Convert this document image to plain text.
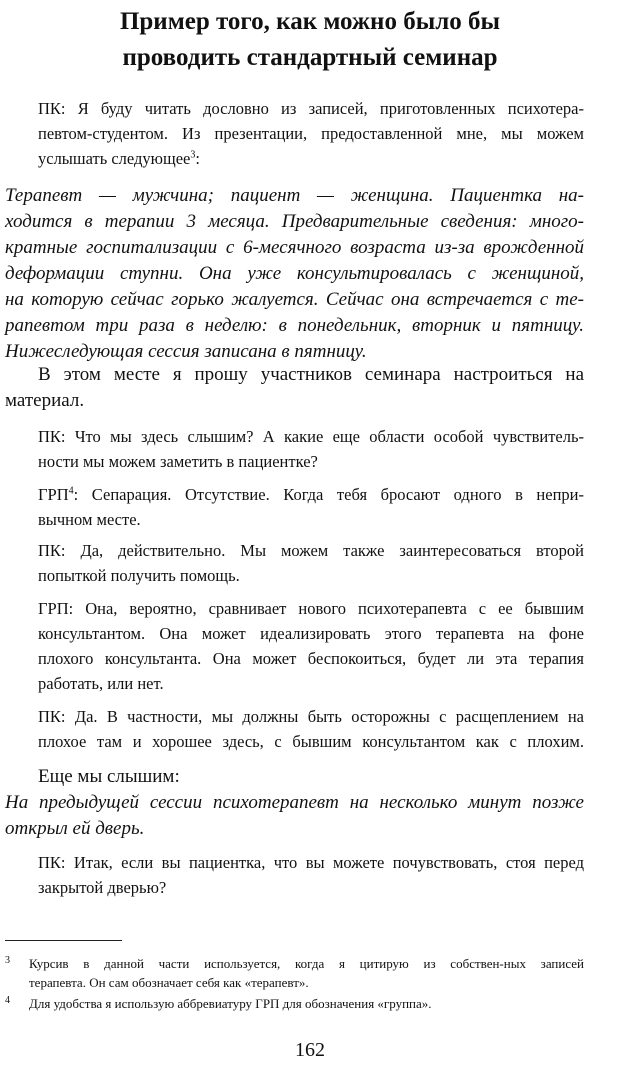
Пример того, как можно было бы
проводить стандартный семинар
ПК: Я буду читать дословно из записей, приготовленных психотера-
певтом-студентом. Из презентации, предоставленной мне, мы можем
услышать следующее$^3$:
Терапевт — мужчина; пациент — женщина. Пациентка на-
ходится в терапии 3 месяца. Предварительные сведения: много-
кратные госпитализации с 6-месячного возраста из-за врожденной
деформации ступни. Она уже консультировалась с женщиной,
на которую сейчас горько жалуется. Сейчас она встречается с те-
рапевтом три раза в неделю: в понедельник, вторник и пятницу.
Нижеследующая сессия записана в пятницу.
В этом месте я прошу участников семинара настроиться на
материал.
ПК: Что мы здесь слышим? А какие еще области особой чувствитель-
ности мы можем заметить в пациентке?
ГРП$^4$: Сепарация. Отсутствие. Когда тебя бросают одного в непри-
вычном месте.
ПК: Да, действительно. Мы можем также заинтересоваться второй
попыткой получить помощь.
ГРП: Она, вероятно, сравнивает нового психотерапевта с ее бывшим
консультантом. Она может идеализировать этого терапевта на фоне
плохого консультанта. Она может беспокоиться, будет ли эта терапия
работать, или нет.
ПК: Да. В частности, мы должны быть осторожны с расщеплением на
плохое там и хорошее здесь, с бывшим консультантом как с плохим.
Еще мы слышим:
На предыдущей сессии психотерапевт на несколько минут позже
открыл ей дверь.
ПК: Итак, если вы пациентка, что вы можете почувствовать, стоя перед
закрытой дверью?
3 Курсив в данной части используется, когда я цитирую из собствен-ных записей
терапевта. Он сам обозначает себя как «терапевт».
4 Для удобства я использую аббревиатуру ГРП для обозначения «группа».
162
